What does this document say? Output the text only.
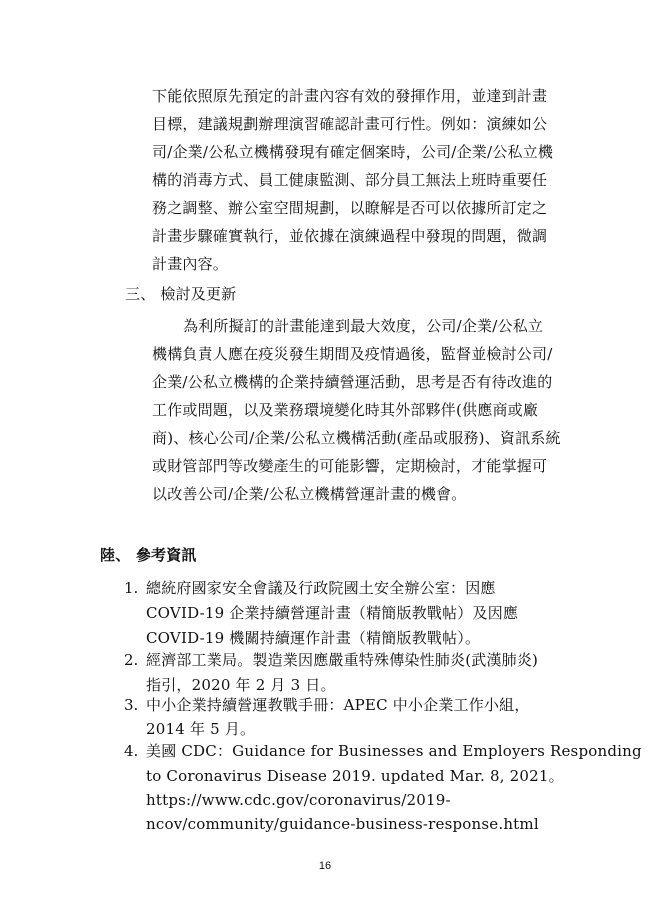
下能依照原先預定的計畫內容有效的發揮作用，並達到計畫
目標，建議規劃辦理演習確認計畫可行性。例如：演練如公
司/企業/公私立機構發現有確定個案時，公司/企業/公私立機
構的消毒方式、員工健康監測、部分員工無法上班時重要任
務之調整、辦公室空間規劃，以瞭解是否可以依據所訂定之
計畫步驟確實執行，並依據在演練過程中發現的問題，微調
計畫內容。
三、 檢討及更新
為利所擬訂的計畫能達到最大效度，公司/企業/公私立
機構負責人應在疫災發生期間及疫情過後，監督並檢討公司/
企業/公私立機構的企業持續營運活動，思考是否有待改進的
工作或問題，以及業務環境變化時其外部夥伴(供應商或廠
商)、核心公司/企業/公私立機構活動(產品或服務)、資訊系統
或財管部門等改變產生的可能影響，定期檢討，才能掌握可
以改善公司/企業/公私立機構營運計畫的機會。
陸、 參考資訊
1. 總統府國家安全會議及行政院國土安全辦公室：因應
COVID-19 企業持續營運計畫（精簡版教戰帖）及因應
COVID-19 機關持續運作計畫（精簡版教戰帖）。
2. 經濟部工業局。製造業因應嚴重特殊傳染性肺炎(武漢肺炎)
指引，2020 年 2 月 3 日。
3. 中小企業持續營運教戰手冊：APEC 中小企業工作小組，
2014 年 5 月。
4. 美國 CDC：Guidance for Businesses and Employers Responding
to Coronavirus Disease 2019. updated Mar. 8, 2021。
https://www.cdc.gov/coronavirus/2019-
ncov/community/guidance-business-response.html
16
